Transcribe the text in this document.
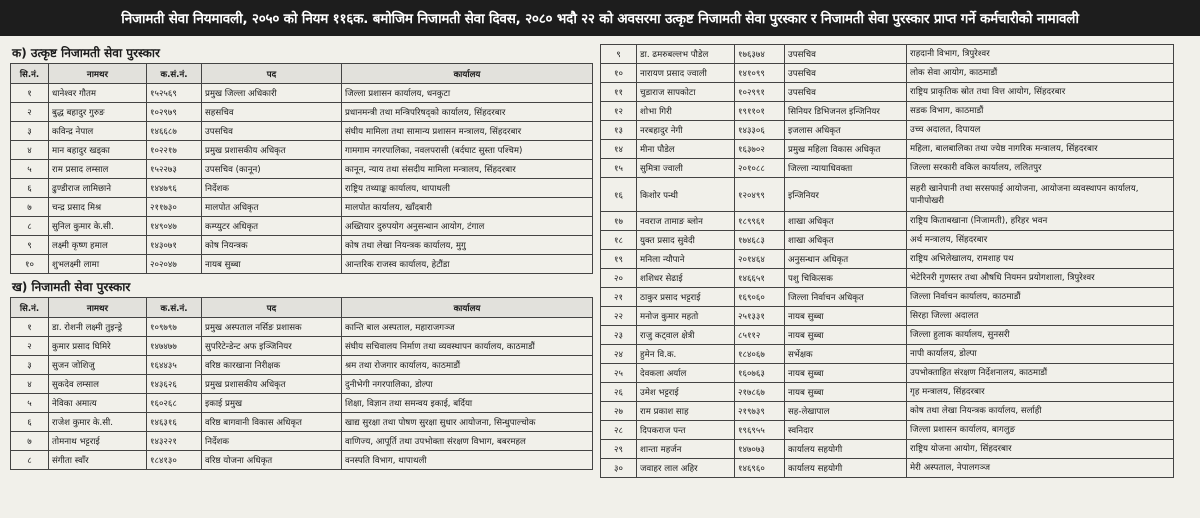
निजामती सेवा नियमावली, २०५० को नियम ११६क. बमोजिम निजामती सेवा दिवस, २०८० भदौ २२ को अवसरमा उत्कृष्ट निजामती सेवा पुरस्कार र निजामती सेवा पुरस्कार प्राप्त गर्ने कर्मचारीको नामावली
क) उत्कृष्ट निजामती सेवा पुरस्कार
सि.नं.	नामथर	क.सं.नं.	पद	कार्यालय
१	धानेश्वर गौतम	१५२५६९	प्रमुख जिल्ला अधिकारी	जिल्ला प्रशासन कार्यालय, धनकुटा
२	बुद्ध बहादुर गुरुङ	१०२९७९	सहसचिव	प्रधानमन्त्री तथा मन्त्रिपरिषद्को कार्यालय, सिंहदरबार
३	कविन्द्र नेपाल	१४६६८७	उपसचिव	संघीय मामिला तथा सामान्य प्रशासन मन्त्रालय, सिंहदरबार
४	मान बहादुर खड्का	१०२२१७	प्रमुख प्रशासकीय अधिकृत	गामगाम नगरपालिका, नवलपरासी (बर्दघाट सुस्ता पश्चिम)
५	राम प्रसाद लम्साल	१५२२७३	उपसचिव (कानून)	कानून, न्याय तथा संसदीय मामिला मन्त्रालय, सिंहदरबार
६	ढुण्डीराज लामिछाने	१४४७९६	निर्देशक	राष्ट्रिय तथ्याङ्क कार्यालय, थापाथली
७	चन्द्र प्रसाद मिश्र	२११७३०	मालपोत अधिकृत	मालपोत कार्यालय, खाँदबारी
८	सुनिल कुमार के.सी.	१४९०४७	कम्प्युटर अधिकृत	अख्तियार दुरुपयोग अनुसन्धान आयोग, टंगाल
९	लक्ष्मी कृष्ण हमाल	१४३०७१	कोष नियन्त्रक	कोष तथा लेखा नियन्त्रक कार्यालय, मुगु
१०	शुभलक्ष्मी लामा	२०२०४७	नायब सुब्बा	आन्तरिक राजस्व कार्यालय, हेटौंडा
ख) निजामती सेवा पुरस्कार
सि.नं.	नामथर	क.सं.नं.	पद	कार्यालय
१	डा. रोशनी लक्ष्मी तुइन्ड्रे	१०९७९७	प्रमुख अस्पताल नर्सिङ प्रशासक	कान्ति बाल अस्पताल, महाराजगञ्ज
२	कुमार प्रसाद घिमिरे	१४७४७७	सुपरिटेन्डेन्ट अफ इञ्जिनियर	संघीय सचिवालय निर्माण तथा व्यवस्थापन कार्यालय, काठमाडौं
३	सुजन जोशिजु	१६४४३५	वरिष्ठ कारखाना निरीक्षक	श्रम तथा रोजगार कार्यालय, काठमाडौं
४	सुकदेव लम्साल	१४३६२६	प्रमुख प्रशासकीय अधिकृत	दुनीभेगी नगरपालिका, डोल्पा
५	नेविका अमात्य	१६०२६८	इकाई प्रमुख	शिक्षा, विज्ञान तथा समन्वय इकाई, बर्दिया
६	राजेश कुमार के.सी.	१४६३१६	वरिष्ठ बागवानी विकास अधिकृत	खाद्य सुरक्षा तथा पोषण सुरक्षा सुधार आयोजना, सिन्धुपाल्चोक
७	तोमनाथ भट्टराई	१४३२२१	निर्देशक	वाणिज्य, आपूर्ति तथा उपभोक्ता संरक्षण विभाग, बबरमहल
८	संगीता स्वाँर	१८४१३०	वरिष्ठ योजना अधिकृत	वनस्पति विभाग, थापाथली
९	डा. ढमरुबल्लभ पौडेल	१७६३७४	उपसचिव	राहदानी विभाग, त्रिपुरेश्वर
१०	नारायण प्रसाद ज्वाली	१४१०९९	उपसचिव	लोक सेवा आयोग, काठमाडौं
११	चुडाराज सापकोटा	१०२९९१	उपसचिव	राष्ट्रिय प्राकृतिक स्रोत तथा वित्त आयोग, सिंहदरबार
१२	शोभा गिरी	१९११०१	सिनियर डिभिजनल इन्जिनियर	सडक विभाग, काठमाडौं
१३	नरबहादुर नेगी	१४३३०६	इजलास अधिकृत	उच्च अदालत, दिपायल
१४	मीना पौडेल	१६३७०२	प्रमुख महिला विकास अधिकृत	महिला, बालबालिका तथा ज्येष्ठ नागरिक मन्त्रालय, सिंहदरबार
१५	सुमित्रा ज्वाली	२०१०८८	जिल्ला न्यायाधिवक्ता	जिल्ला सरकारी वकिल कार्यालय, ललितपुर
१६	किशोर पन्थी	१२०४९९	इन्जिनियर	सहरी खानेपानी तथा सरसफाई आयोजना, आयोजना व्यवस्थापन कार्यालय, पानीपोखरी
१७	नवराज तामाङ ब्लोन	१८९९६१	शाखा अधिकृत	राष्ट्रिय किताबखाना (निजामती), हरिहर भवन
१८	युक्त प्रसाद सुवेदी	१७४६८३	शाखा अधिकृत	अर्थ मन्त्रालय, सिंहदरबार
१९	मनिला न्यौपाने	२०१४६४	अनुसन्धान अधिकृत	राष्ट्रिय अभिलेखालय, रामशाह पथ
२०	शशिधर सेढाई	१४६६५१	पशु चिकित्सक	भेटेरिनरी गुणस्तर तथा औषधि नियमन प्रयोगशाला, त्रिपुरेश्वर
२१	ठाकुर प्रसाद भट्टराई	१६९०६०	जिल्ला निर्वाचन अधिकृत	जिल्ला निर्वाचन कार्यालय, काठमाडौं
२२	मनोज कुमार महतो	२५१३३१	नायब सुब्बा	सिरहा जिल्ला अदालत
२३	राजु कट्वाल क्षेत्री	८५११२	नायब सुब्बा	जिल्ला हुलाक कार्यालय, सुनसरी
२४	हुमेन वि.क.	१८४०६७	सर्भेक्षक	नापी कार्यालय, डोल्पा
२५	देवकला अर्याल	१६०७६३	नायब सुब्बा	उपभोक्ताहित संरक्षण निर्देशनालय, काठमाडौं
२६	उमेश भट्टराई	२१७८६७	नायब सुब्बा	गृह मन्त्रालय, सिंहदरबार
२७	राम प्रकाश साह	२१९७३९	सह-लेखापाल	कोष तथा लेखा नियन्त्रक कार्यालय, सर्लाही
२८	दिपकराज पन्त	१९६९५५	स्वनिदार	जिल्ला प्रशासन कार्यालय, बागलुङ
२९	शान्ता महर्जन	१४७०७३	कार्यालय सहयोगी	राष्ट्रिय योजना आयोग, सिंहदरबार
३०	जवाहर लाल अहिर	१४६९६०	कार्यालय सहयोगी	मेरी अस्पताल, नेपालगञ्ज
